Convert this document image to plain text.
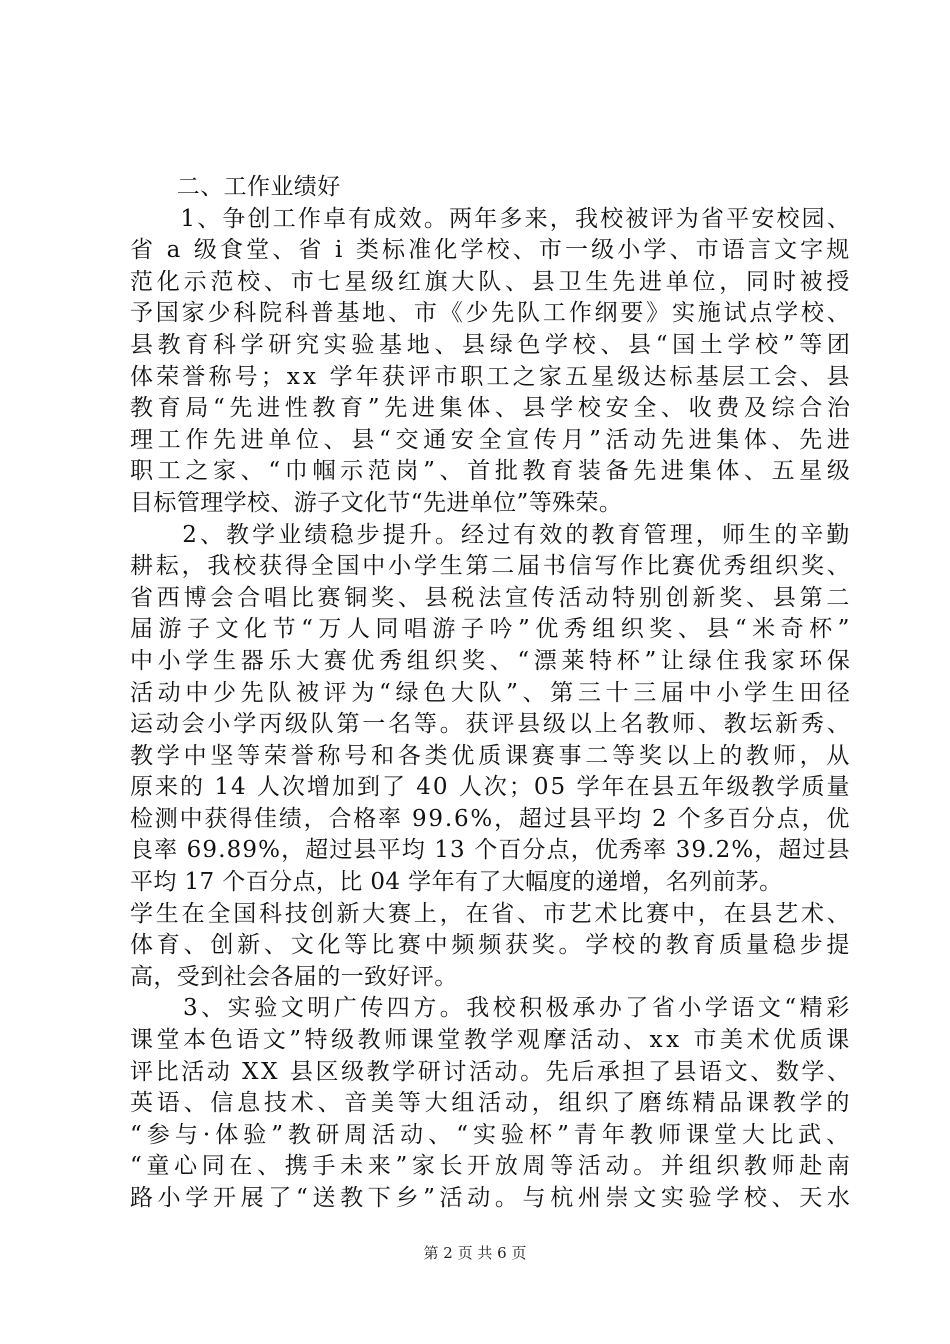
　　二、工作业绩好
　　1、争创工作卓有成效。两年多来，我校被评为省平安校园、
省 a 级食堂、省 i 类标准化学校、市一级小学、市语言文字规
范化示范校、市七星级红旗大队、县卫生先进单位，同时被授
予国家少科院科普基地、市《少先队工作纲要》实施试点学校、
县教育科学研究实验基地、县绿色学校、县“国土学校”等团
体荣誉称号；xx 学年获评市职工之家五星级达标基层工会、县
教育局“先进性教育”先进集体、县学校安全、收费及综合治
理工作先进单位、县“交通安全宣传月”活动先进集体、先进
职工之家、“巾帼示范岗”、首批教育装备先进集体、五星级
目标管理学校、游子文化节“先进单位”等殊荣。
　　2、教学业绩稳步提升。经过有效的教育管理，师生的辛勤
耕耘，我校获得全国中小学生第二届书信写作比赛优秀组织奖、
省西博会合唱比赛铜奖、县税法宣传活动特别创新奖、县第二
届游子文化节“万人同唱游子吟”优秀组织奖、县“米奇杯”
中小学生器乐大赛优秀组织奖、“漂莱特杯”让绿住我家环保
活动中少先队被评为“绿色大队”、第三十三届中小学生田径
运动会小学丙级队第一名等。获评县级以上名教师、教坛新秀、
教学中坚等荣誉称号和各类优质课赛事二等奖以上的教师，从
原来的 14 人次增加到了 40 人次；05 学年在县五年级教学质量
检测中获得佳绩，合格率 99.6%，超过县平均 2 个多百分点，优
良率 69.89%，超过县平均 13 个百分点，优秀率 39.2%，超过县
平均 17 个百分点，比 04 学年有了大幅度的递增，名列前茅。
学生在全国科技创新大赛上，在省、市艺术比赛中，在县艺术、
体育、创新、文化等比赛中频频获奖。学校的教育质量稳步提
高，受到社会各届的一致好评。
　　3、实验文明广传四方。我校积极承办了省小学语文“精彩
课堂本色语文”特级教师课堂教学观摩活动、xx 市美术优质课
评比活动 XX 县区级教学研讨活动。先后承担了县语文、数学、
英语、信息技术、音美等大组活动，组织了磨练精品课教学的
“参与·体验”教研周活动、“实验杯”青年教师课堂大比武、
“童心同在、携手未来”家长开放周等活动。并组织教师赴南
路小学开展了“送教下乡”活动。与杭州崇文实验学校、天水
第 2 页 共 6 页
